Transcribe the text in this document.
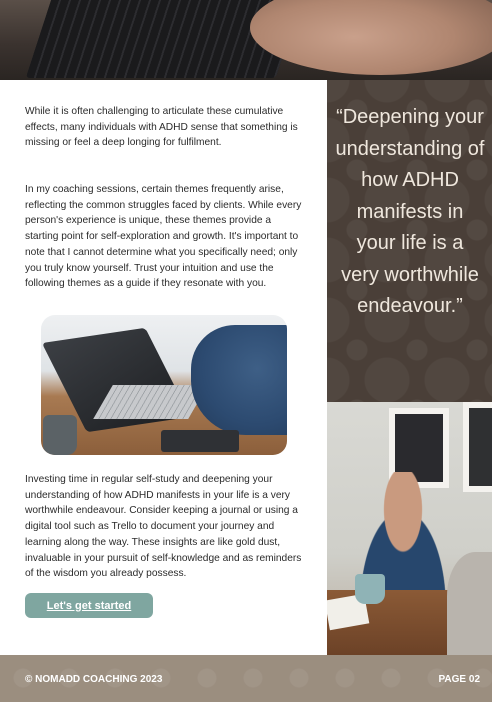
While it is often challenging to articulate these cumulative effects, many individuals with ADHD sense that something is missing or feel a deep longing for fulfilment.

In my coaching sessions, certain themes frequently arise, reflecting the common struggles faced by clients. While every person's experience is unique, these themes provide a starting point for self-exploration and growth. It's important to note that I cannot determine what you specifically need; only you truly know yourself. Trust your intuition and use the following themes as a guide if they resonate with you.

Investing time in regular self-study and deepening your understanding of how ADHD manifests in your life is a very worthwhile endeavour. Consider keeping a journal or using a digital tool such as Trello to document your journey and learning along the way. These insights are like gold dust, invaluable in your pursuit of self-knowledge and as reminders of the wisdom you already possess.

Let's get started

“Deepening your understanding of how ADHD manifests in your life is a very worthwhile endeavour.”

© NOMADD COACHING 2023	PAGE 02
